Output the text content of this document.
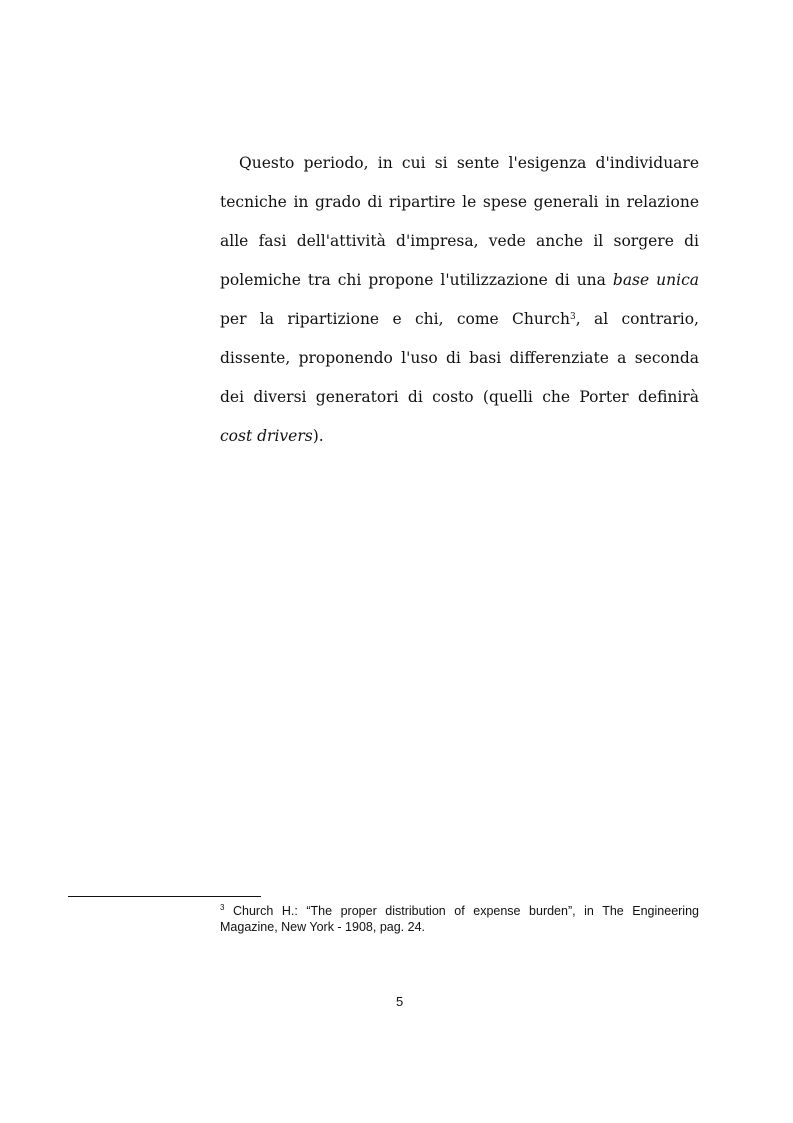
Questo periodo, in cui si sente l'esigenza d'individuare tecniche in grado di ripartire le spese generali in relazione alle fasi dell'attività d'impresa, vede anche il sorgere di polemiche tra chi propone l'utilizzazione di una base unica per la ripartizione e chi, come Church$^3$, al contrario, dissente, proponendo l'uso di basi differenziate a seconda dei diversi generatori di costo (quelli che Porter definirà cost drivers).

$^3$ Church H.: “The proper distribution of expense burden”, in The Engineering Magazine, New York - 1908, pag. 24.

5
